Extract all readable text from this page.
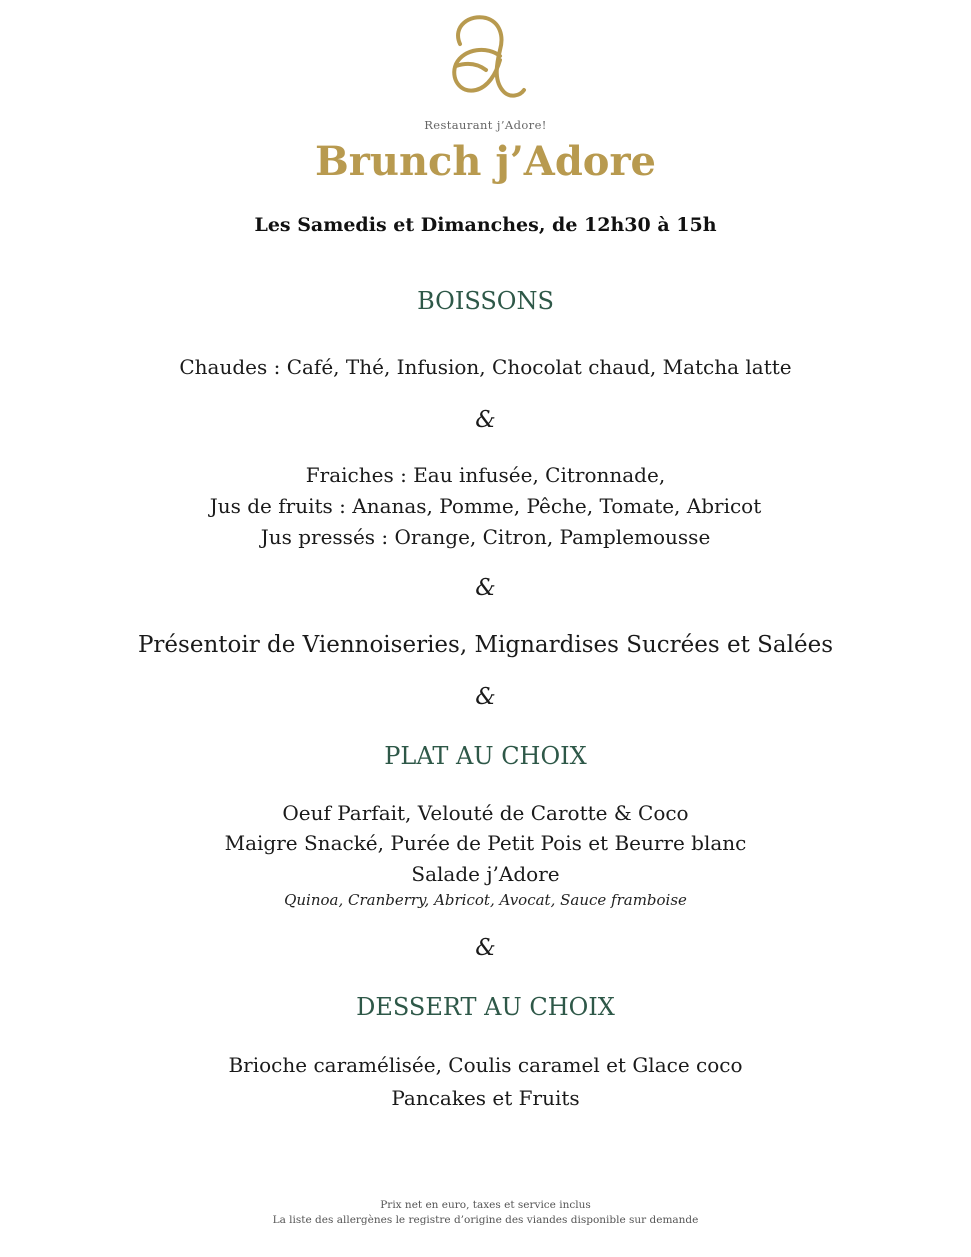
Restaurant j’Adore!
Brunch j’Adore
Les Samedis et Dimanches, de 12h30 à 15h
BOISSONS
Chaudes : Café, Thé, Infusion, Chocolat chaud, Matcha latte
&
Fraiches : Eau infusée, Citronnade,
Jus de fruits : Ananas, Pomme, Pêche, Tomate, Abricot
Jus pressés : Orange, Citron, Pamplemousse
&
Présentoir de Viennoiseries, Mignardises Sucrées et Salées
&
PLAT AU CHOIX
Oeuf Parfait, Velouté de Carotte & Coco
Maigre Snacké, Purée de Petit Pois et Beurre blanc
Salade j’Adore
Quinoa, Cranberry, Abricot, Avocat, Sauce framboise
&
DESSERT AU CHOIX
Brioche caramélisée, Coulis caramel et Glace coco
Pancakes et Fruits
Prix net en euro, taxes et service inclus
La liste des allergènes le registre d’origine des viandes disponible sur demande
